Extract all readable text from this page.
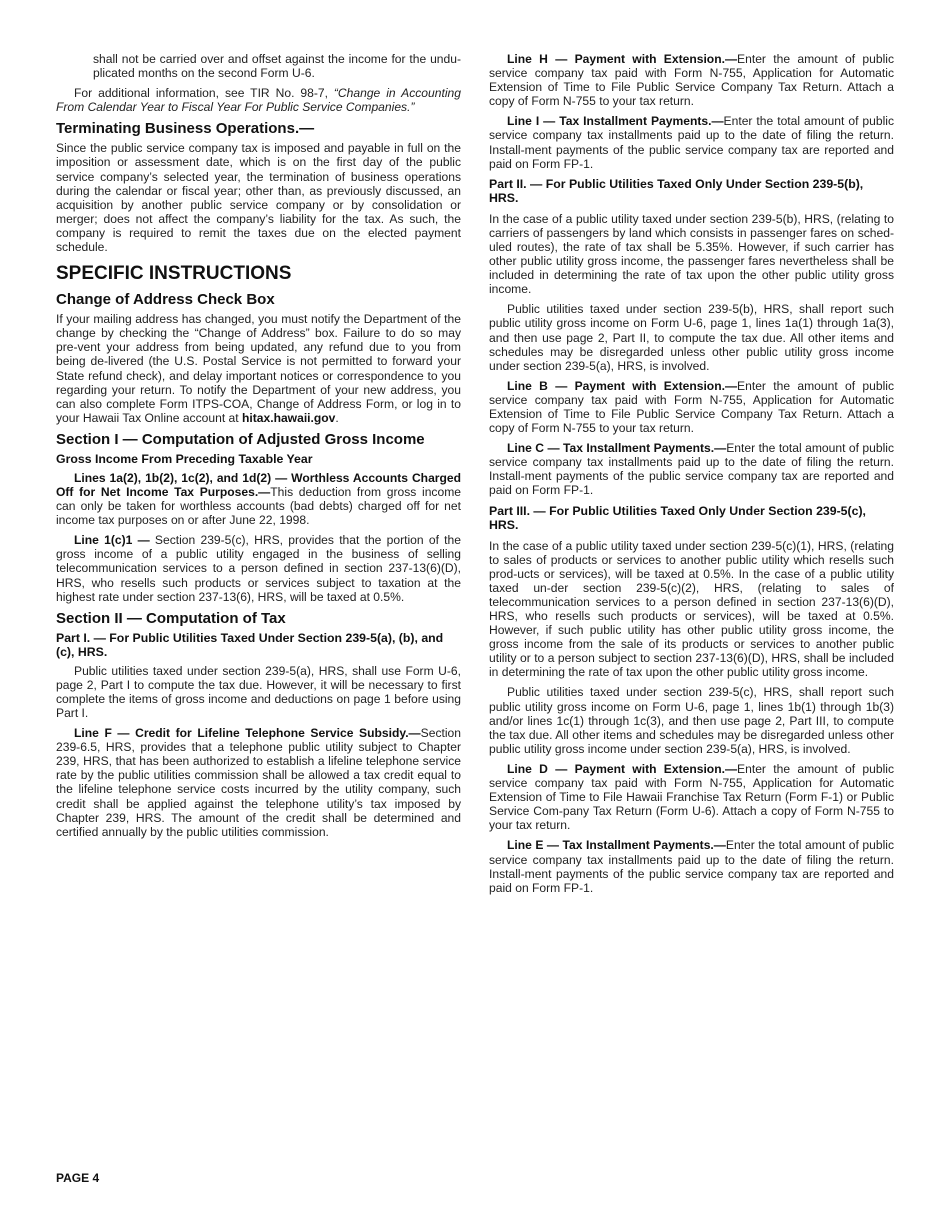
shall not be carried over and offset against the income for the undu-plicated months on the second Form U-6.

For additional information, see TIR No. 98-7, “Change in Accounting From Calendar Year to Fiscal Year For Public Service Companies.”

Terminating Business Operations.—

Since the public service company tax is imposed and payable in full on the imposition or assessment date, which is on the first day of the public service company’s selected year, the termination of business operations during the calendar or fiscal year; other than, as previously discussed, an acquisition by another public service company or by consolidation or merger; does not affect the company’s liability for the tax. As such, the company is required to remit the taxes due on the elected payment schedule.

SPECIFIC INSTRUCTIONS
Change of Address Check Box

If your mailing address has changed, you must notify the Department of the change by checking the “Change of Address” box. Failure to do so may pre-vent your address from being updated, any refund due to you from being de-livered (the U.S. Postal Service is not permitted to forward your State refund check), and delay important notices or correspondence to you regarding your return. To notify the Department of your new address, you can also complete Form ITPS-COA, Change of Address Form, or log in to your Hawaii Tax Online account at hitax.hawaii.gov.

Section I — Computation of Adjusted Gross Income
Gross Income From Preceding Taxable Year

Lines 1a(2), 1b(2), 1c(2), and 1d(2) — Worthless Accounts Charged Off for Net Income Tax Purposes.—This deduction from gross income can only be taken for worthless accounts (bad debts) charged off for net income tax purposes on or after June 22, 1998.

Line 1(c)1 — Section 239-5(c), HRS, provides that the portion of the gross income of a public utility engaged in the business of selling telecommunication services to a person defined in section 237-13(6)(D), HRS, who resells such products or services subject to taxation at the highest rate under section 237-13(6), HRS, will be taxed at 0.5%.

Section II — Computation of Tax
Part I. — For Public Utilities Taxed Under Section 239-5(a), (b), and (c), HRS.

Public utilities taxed under section 239-5(a), HRS, shall use Form U-6, page 2, Part I to compute the tax due. However, it will be necessary to first complete the items of gross income and deductions on page 1 before using Part I.

Line F — Credit for Lifeline Telephone Service Subsidy.—Section 239-6.5, HRS, provides that a telephone public utility subject to Chapter 239, HRS, that has been authorized to establish a lifeline telephone service rate by the public utilities commission shall be allowed a tax credit equal to the lifeline telephone service costs incurred by the utility company, such credit shall be applied against the telephone utility’s tax imposed by Chapter 239, HRS. The amount of the credit shall be determined and certified annually by the public utilities commission.

Line H — Payment with Extension.—Enter the amount of public service company tax paid with Form N-755, Application for Automatic Extension of Time to File Public Service Company Tax Return. Attach a copy of Form N-755 to your tax return.

Line I — Tax Installment Payments.—Enter the total amount of public service company tax installments paid up to the date of filing the return. Install-ment payments of the public service company tax are reported and paid on Form FP-1.

Part II. — For Public Utilities Taxed Only Under Section 239-5(b), HRS.

In the case of a public utility taxed under section 239-5(b), HRS, (relating to carriers of passengers by land which consists in passenger fares on sched-uled routes), the rate of tax shall be 5.35%. However, if such carrier has other public utility gross income, the passenger fares nevertheless shall be included in determining the rate of tax upon the other public utility gross income.

Public utilities taxed under section 239-5(b), HRS, shall report such public utility gross income on Form U-6, page 1, lines 1a(1) through 1a(3), and then use page 2, Part II, to compute the tax due. All other items and schedules may be disregarded unless other public utility gross income under section 239-5(a), HRS, is involved.

Line B — Payment with Extension.—Enter the amount of public service company tax paid with Form N-755, Application for Automatic Extension of Time to File Public Service Company Tax Return. Attach a copy of Form N-755 to your tax return.

Line C — Tax Installment Payments.—Enter the total amount of public service company tax installments paid up to the date of filing the return. Install-ment payments of the public service company tax are reported and paid on Form FP-1.

Part III. — For Public Utilities Taxed Only Under Section 239-5(c), HRS.

In the case of a public utility taxed under section 239-5(c)(1), HRS, (relating to sales of products or services to another public utility which resells such prod-ucts or services), will be taxed at 0.5%. In the case of a public utility taxed un-der section 239-5(c)(2), HRS, (relating to sales of telecommunication services to a person defined in section 237-13(6)(D), HRS, who resells such products or services), will be taxed at 0.5%. However, if such public utility has other public utility gross income, the gross income from the sale of its products or services to another public utility or to a person subject to section 237-13(6)(D), HRS, shall be included in determining the rate of tax upon the other public utility gross income.

Public utilities taxed under section 239-5(c), HRS, shall report such public utility gross income on Form U-6, page 1, lines 1b(1) through 1b(3) and/or lines 1c(1) through 1c(3), and then use page 2, Part III, to compute the tax due. All other items and schedules may be disregarded unless other public utility gross income under section 239-5(a), HRS, is involved.

Line D — Payment with Extension.—Enter the amount of public service company tax paid with Form N-755, Application for Automatic Extension of Time to File Hawaii Franchise Tax Return (Form F-1) or Public Service Com-pany Tax Return (Form U-6). Attach a copy of Form N-755 to your tax return.

Line E — Tax Installment Payments.—Enter the total amount of public service company tax installments paid up to the date of filing the return. Install-ment payments of the public service company tax are reported and paid on Form FP-1.

PAGE 4
